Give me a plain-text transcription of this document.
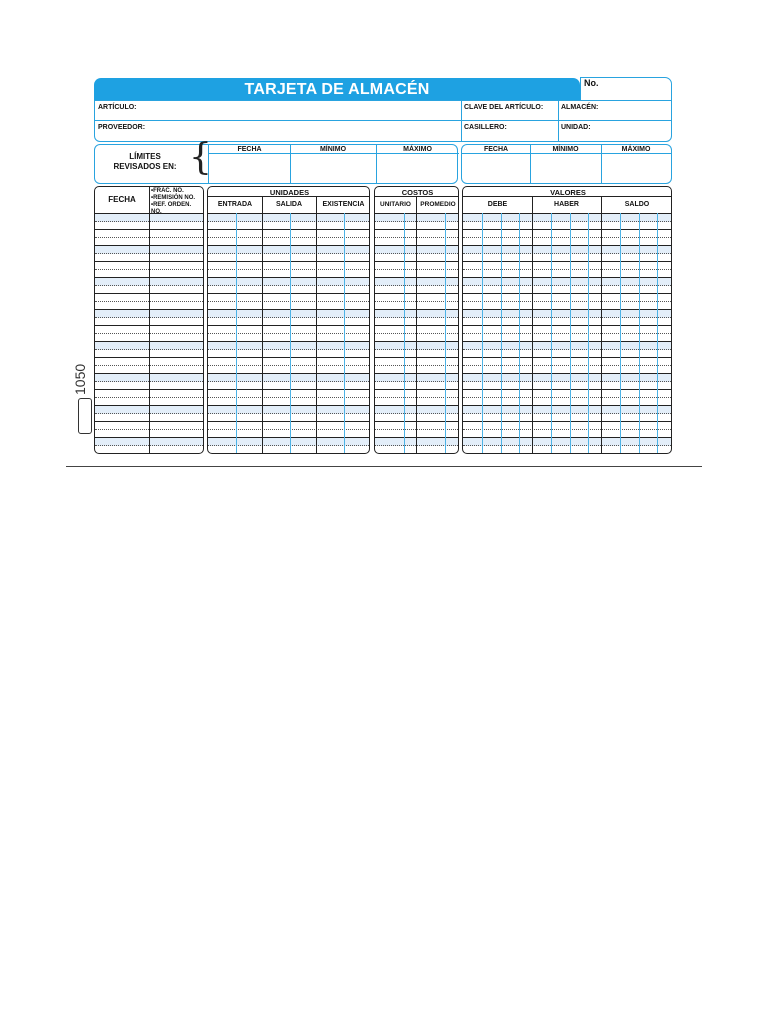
TARJETA DE ALMACÉN	No.
ARTÍCULO:	CLAVE DEL ARTÍCULO:	ALMACÉN:
PROVEEDOR:	CASILLERO:	UNIDAD:
LÍMITES
REVISADOS EN: {	FECHA	MÍNIMO	MÁXIMO	FECHA	MÍNIMO	MÁXIMO
FECHA
•FRAC. NO.
•REMISIÓN NO.
•REF. ORDEN. NO.
UNIDADES
ENTRADA	SALIDA	EXISTENCIA
COSTOS
UNITARIO	PROMEDIO
VALORES
DEBE	HABER	SALDO
1050
